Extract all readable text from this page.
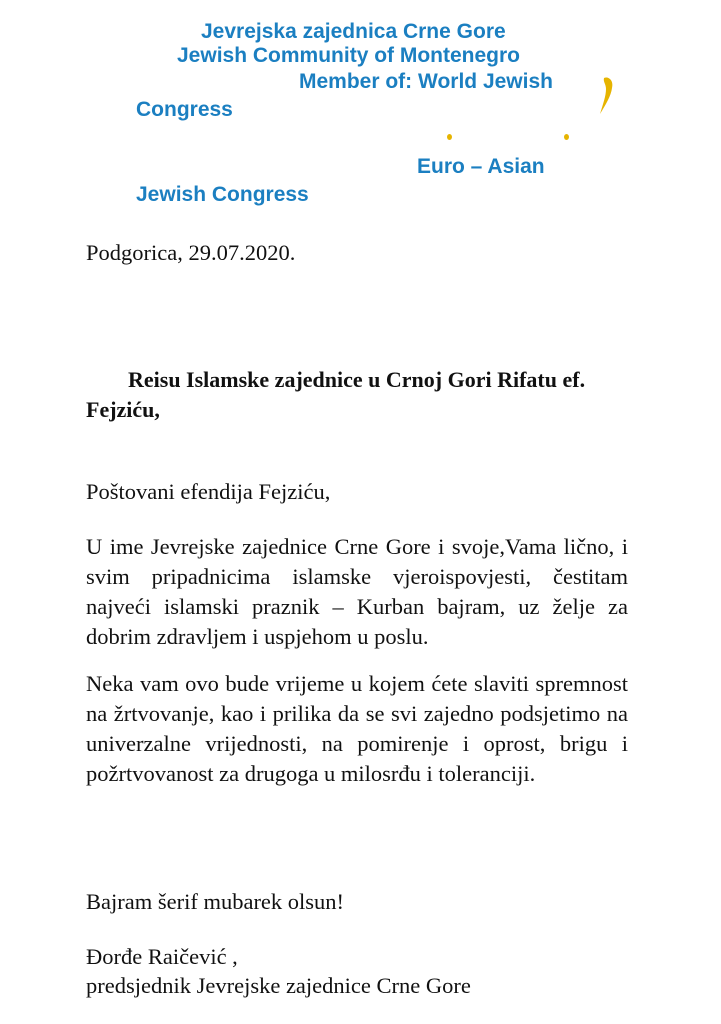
Jevrejska zajednica Crne Gore
Jewish Community of Montenegro
Member of: World Jewish
Congress
Euro – Asian
Jewish Congress
Podgorica, 29.07.2020.
Reisu Islamske zajednice u Crnoj Gori Rifatu ef. Fejziću,
Poštovani efendija Fejziću,
U ime Jevrejske zajednice Crne Gore i svoje,Vama lično, i svim pripadnicima islamske vjeroispovjesti, čestitam najveći islamski praznik – Kurban bajram, uz želje za dobrim zdravljem i uspjehom u poslu.
Neka vam ovo bude vrijeme u kojem ćete slaviti spremnost na žrtvovanje, kao i prilika da se svi zajedno podsjetimo na univerzalne vrijednosti, na pomirenje i oprost, brigu i požrtvovanost za drugoga u milosrđu i toleranciji.
Bajram šerif mubarek olsun!
Đorđe Raičević ,
predsjednik Jevrejske zajednice Crne Gore
